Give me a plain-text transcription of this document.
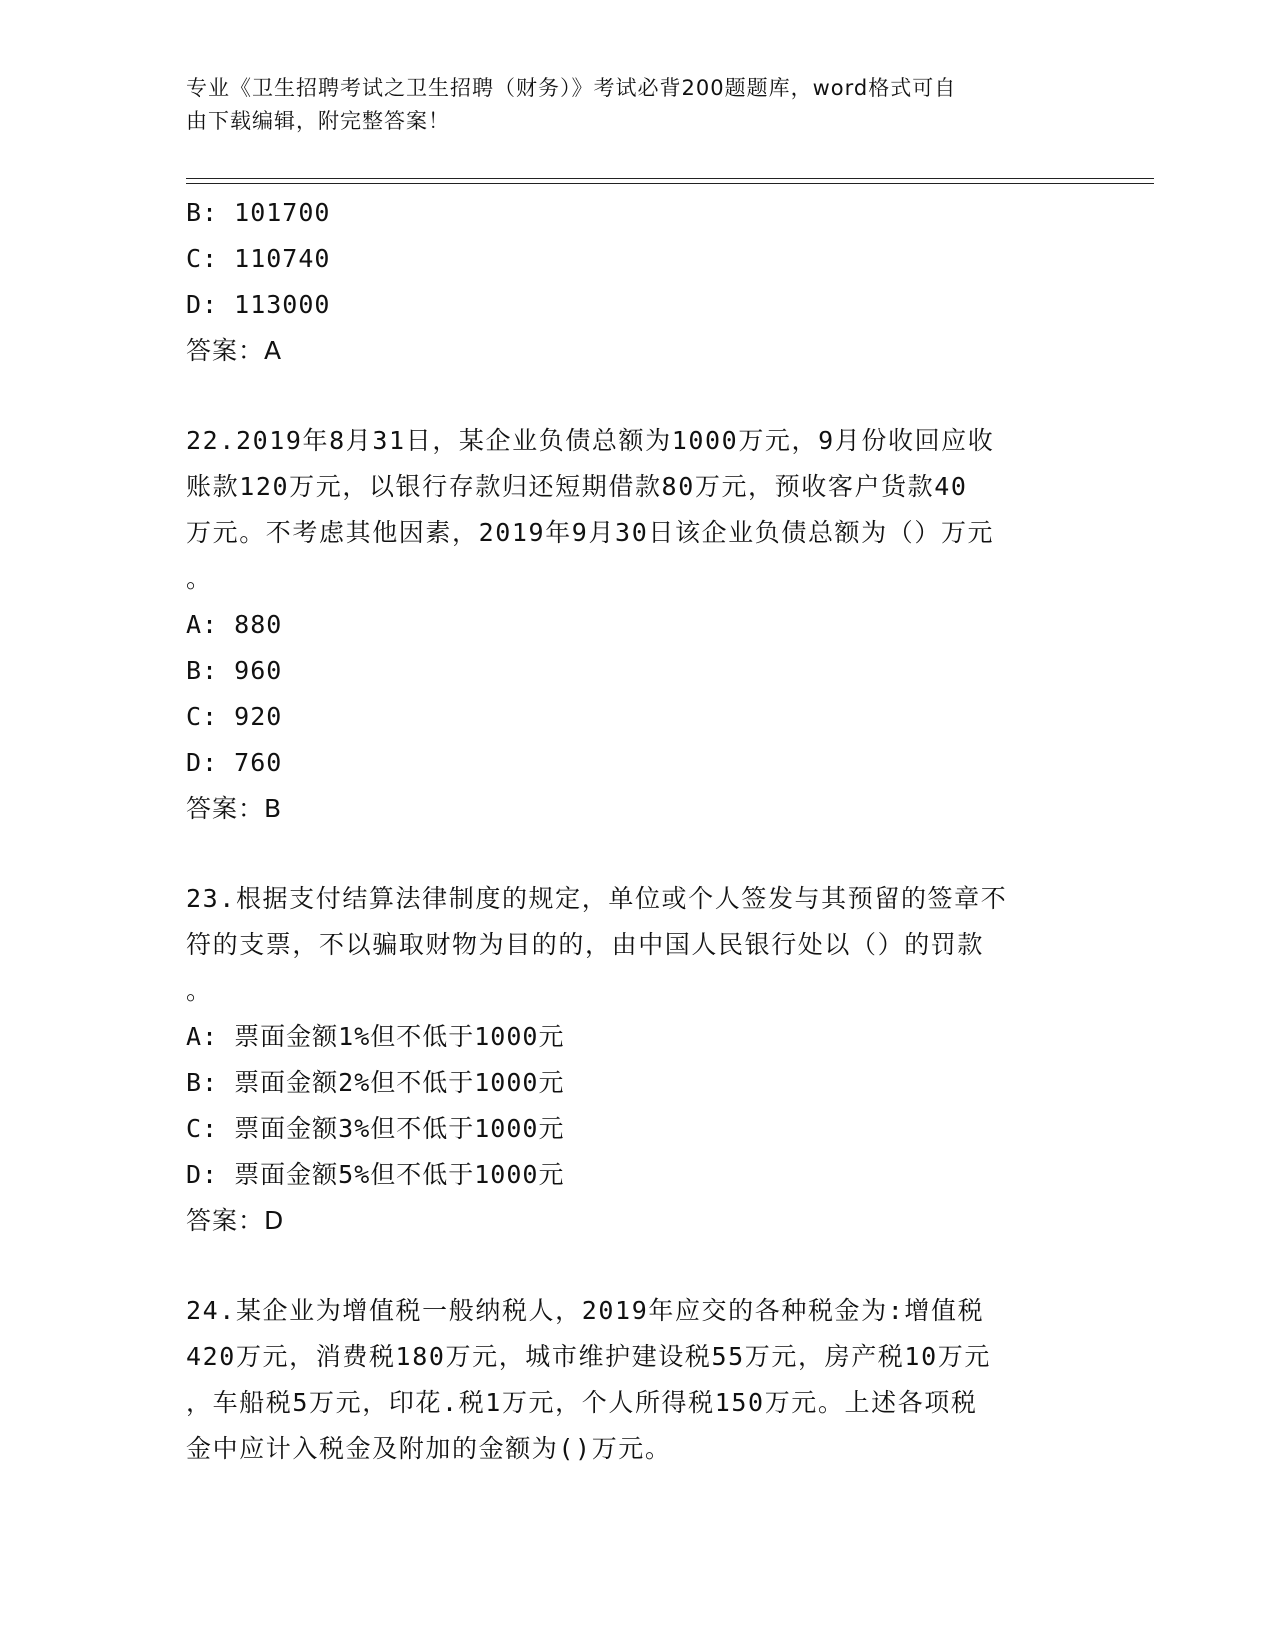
专业《卫生招聘考试之卫生招聘（财务）》考试必背200题题库，word格式可自
由下载编辑，附完整答案！
B: 101700
C: 110740
D: 113000
答案：A
22.2019年8月31日，某企业负债总额为1000万元，9月份收回应收
账款120万元，以银行存款归还短期借款80万元，预收客户货款40
万元。不考虑其他因素，2019年9月30日该企业负债总额为（）万元
。
A: 880
B: 960
C: 920
D: 760
答案：B
23.根据支付结算法律制度的规定，单位或个人签发与其预留的签章不
符的支票，不以骗取财物为目的的，由中国人民银行处以（）的罚款
。
A: 票面金额1%但不低于1000元
B: 票面金额2%但不低于1000元
C: 票面金额3%但不低于1000元
D: 票面金额5%但不低于1000元
答案：D
24.某企业为增值税一般纳税人，2019年应交的各种税金为:增值税
420万元，消费税180万元，城市维护建设税55万元，房产税10万元
，车船税5万元，印花.税1万元，个人所得税150万元。上述各项税
金中应计入税金及附加的金额为()万元。
